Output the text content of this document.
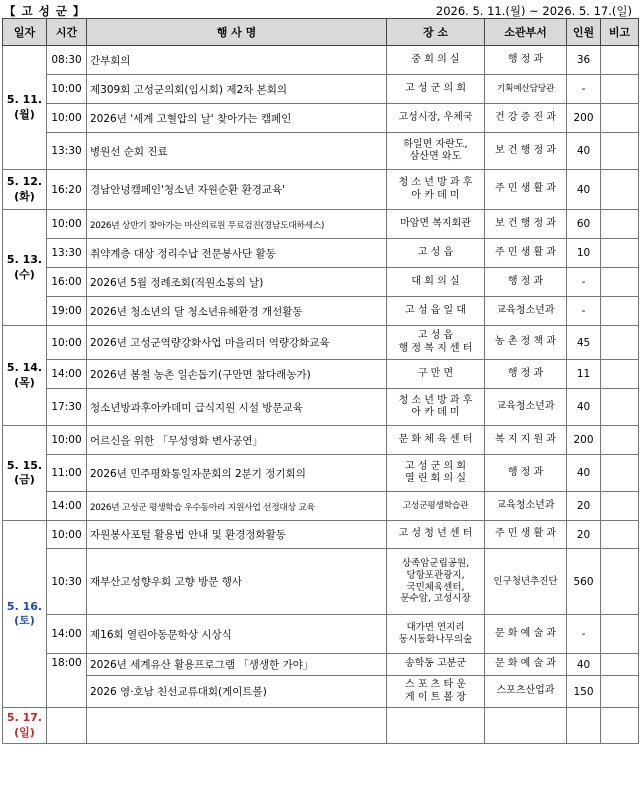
【 고 성 군 】	2026. 5. 11.(월) ~ 2026. 5. 17.(일)
일자	시간	행 사 명	장 소	소관부서	인원	비고
5. 11.
(월)	08:30	간부회의	중 회 의 실	행 정 과	36	
	10:00	제309회 고성군의회(임시회) 제2차 본회의	고 성 군 의 회	기획예산담당관	-	
	10:00	2026년 '세계 고혈압의 날' 찾아가는 캠페인	고성시장, 우체국	건 강 증 진 과	200	
	13:30	병원선 순회 진료	하일면 자란도,
삼산면 와도	보 건 행 정 과	40	
5. 12.
(화)	16:20	경남안녕캠페인'청소년 자원순환 환경교육'	청 소 년 방 과 후
아 카 데 미	주 민 생 활 과	40	
5. 13.
(수)	10:00	2026년 상반기 찾아가는 마산의료원 무료검진(경남도대하세스)	마암면 복지회관	보 건 행 정 과	60	
	13:30	취약계층 대상 정리수납 전문봉사단 활동	고 성 읍	주 민 생 활 과	10	
	16:00	2026년 5월 정례조회(직원소통의 날)	대 회 의 실	행 정 과	-	
	19:00	2026년 청소년의 달 청소년유해환경 개선활동	고 성 읍 일 대	교육청소년과	-	
5. 14.
(목)	10:00	2026년 고성군역량강화사업 마을리더 역량강화교육	고 성 읍
행 정 복 지 센 터	농 촌 정 책 과	45	
	14:00	2026년 봄철 농촌 일손돕기(구만면 참다래농가)	구 만 면	행 정 과	11	
	17:30	청소년방과후아카데미 급식지원 시설 방문교육	청 소 년 방 과 후
아 카 데 미	교육청소년과	40	
5. 15.
(금)	10:00	어르신을 위한 「무성영화 변사공연」	문 화 체 육 센 터	복 지 지 원 과	200	
	11:00	2026년 민주평화통일자문회의 2분기 정기회의	고 성 군 의 회
열 린 회 의 실	행 정 과	40	
	14:00	2026년 고성군 평생학습 우수동아리 지원사업 선정대상 교육	고성군평생학습관	교육청소년과	20	
5. 16.
(토)	10:00	자원봉사포털 활용법 안내 및 환경정화활동	고 성 청 년 센 터	주 민 생 활 과	20	
	10:30	재부산고성향우회 고향 방문 행사	상족암군립공원,
당항포관광지,
국민체육센터,
문수암, 고성시장	인구청년추진단	560	
	14:00	제16회 열린아동문학상 시상식	대가면 연지리
동시동화나무의숲	문 화 예 술 과	-	
	18:00	2026년 세계유산 활용프로그램 「생생한 가야」	송학동 고분군	문 화 예 술 과	40	
		2026 영·호남 친선교류대회(게이트볼)	스 포 츠 타 운
게 이 트 볼 장	스포츠산업과	150	
5. 17.
(일)						
